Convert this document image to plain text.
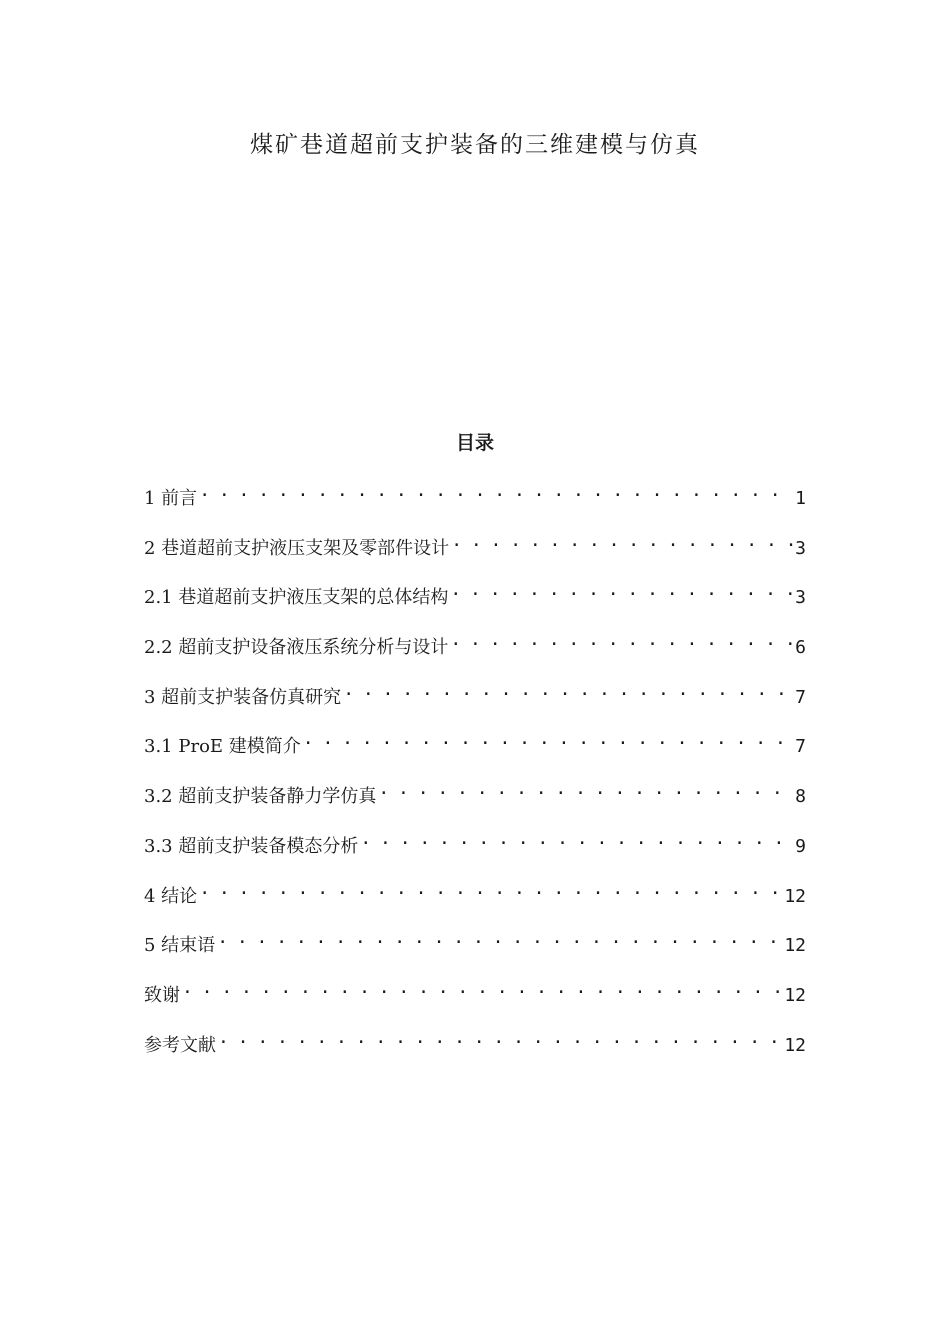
煤矿巷道超前支护装备的三维建模与仿真
目录
1 前言 . . .	1
2 巷道超前支护液压支架及零部件设计 . . .	3
2.1 巷道超前支护液压支架的总体结构 . . .	3
2.2 超前支护设备液压系统分析与设计 . . .	6
3 超前支护装备仿真研究 . . .	7
3.1 ProE 建模简介 . . .	7
3.2 超前支护装备静力学仿真 . . .	8
3.3 超前支护装备模态分析 . . .	9
4 结论 . . .	12
5 结束语 . . .	12
致谢 . . .	12
参考文献 . . .	12
